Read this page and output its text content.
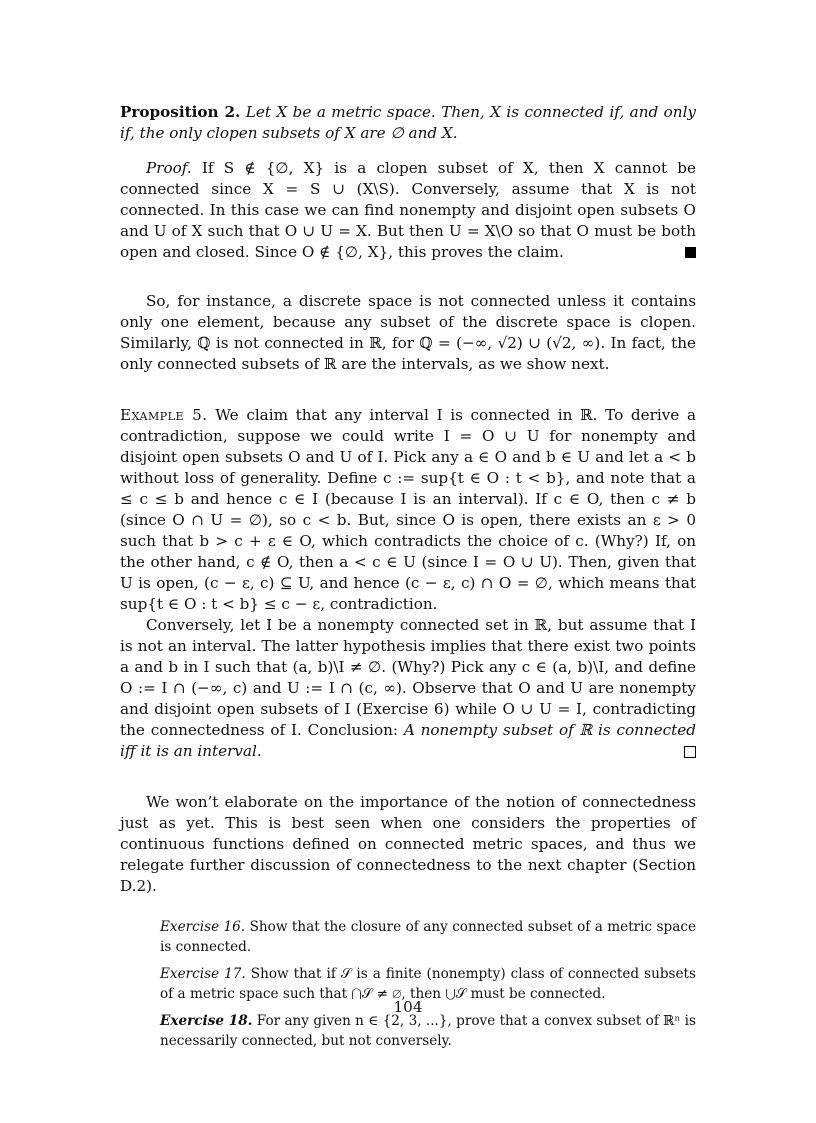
Proposition 2. Let X be a metric space. Then, X is connected if, and only if, the only clopen subsets of X are ∅ and X.

Proof. If S ∉ {∅, X} is a clopen subset of X, then X cannot be connected since X = S ∪ (X\S). Conversely, assume that X is not connected. In this case we can find nonempty and disjoint open subsets O and U of X such that O ∪ U = X. But then U = X\O so that O must be both open and closed. Since O ∉ {∅, X}, this proves the claim.

So, for instance, a discrete space is not connected unless it contains only one element, because any subset of the discrete space is clopen. Similarly, ℚ is not connected in ℝ, for ℚ = (−∞, √2) ∪ (√2, ∞). In fact, the only connected subsets of ℝ are the intervals, as we show next.

Example 5. We claim that any interval I is connected in ℝ. To derive a contradiction, suppose we could write I = O ∪ U for nonempty and disjoint open subsets O and U of I. Pick any a ∈ O and b ∈ U and let a < b without loss of generality. Define c := sup{t ∈ O : t < b}, and note that a ≤ c ≤ b and hence c ∈ I (because I is an interval). If c ∈ O, then c ≠ b (since O ∩ U = ∅), so c < b. But, since O is open, there exists an ε > 0 such that b > c + ε ∈ O, which contradicts the choice of c. (Why?) If, on the other hand, c ∉ O, then a < c ∈ U (since I = O ∪ U). Then, given that U is open, (c − ε, c) ⊆ U, and hence (c − ε, c) ∩ O = ∅, which means that sup{t ∈ O : t < b} ≤ c − ε, contradiction.

Conversely, let I be a nonempty connected set in ℝ, but assume that I is not an interval. The latter hypothesis implies that there exist two points a and b in I such that (a, b)\I ≠ ∅. (Why?) Pick any c ∈ (a, b)\I, and define O := I ∩ (−∞, c) and U := I ∩ (c, ∞). Observe that O and U are nonempty and disjoint open subsets of I (Exercise 6) while O ∪ U = I, contradicting the connectedness of I. Conclusion: A nonempty subset of ℝ is connected iff it is an interval.

We won’t elaborate on the importance of the notion of connectedness just as yet. This is best seen when one considers the properties of continuous functions defined on connected metric spaces, and thus we relegate further discussion of connectedness to the next chapter (Section D.2).

Exercise 16. Show that the closure of any connected subset of a metric space is connected.

Exercise 17. Show that if 𝒮 is a finite (nonempty) class of connected subsets of a metric space such that ⋂𝒮 ≠ ∅, then ⋃𝒮 must be connected.

Exercise 18. For any given n ∈ {2, 3, ...}, prove that a convex subset of ℝⁿ is necessarily connected, but not conversely.

104
